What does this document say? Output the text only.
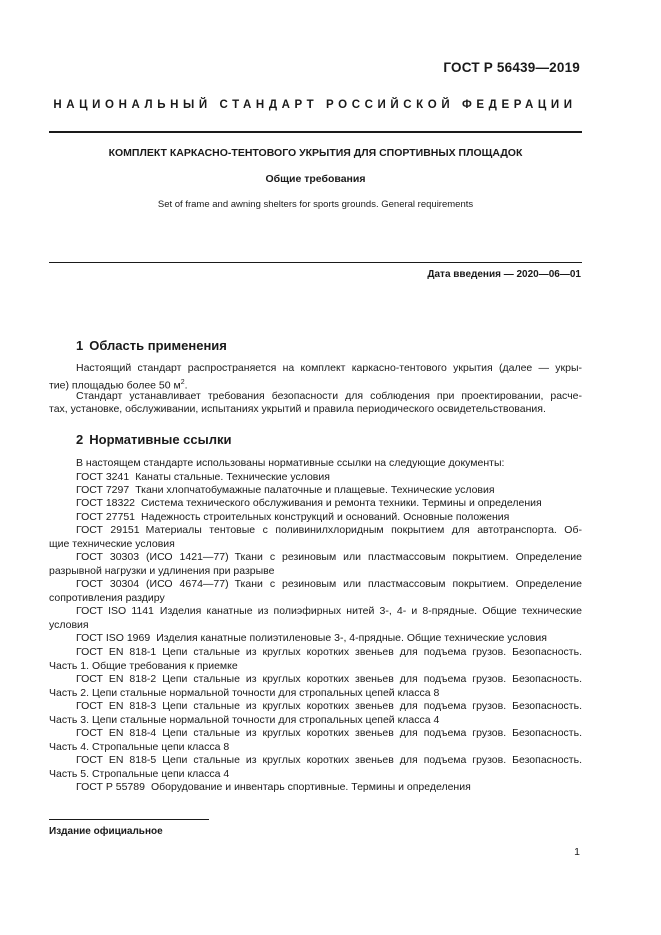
ГОСТ Р 56439—2019
НАЦИОНАЛЬНЫЙ СТАНДАРТ РОССИЙСКОЙ ФЕДЕРАЦИИ
КОМПЛЕКТ КАРКАСНО-ТЕНТОВОГО УКРЫТИЯ ДЛЯ СПОРТИВНЫХ ПЛОЩАДОК
Общие требования
Set of frame and awning shelters for sports grounds. General requirements
Дата введения — 2020—06—01
1 Область применения
Настоящий стандарт распространяется на комплект каркасно-тентового укрытия (далее — укры-
тие) площадью более 50 $м^2$.
Стандарт устанавливает требования безопасности для соблюдения при проектировании, расче-
тах, установке, обслуживании, испытаниях укрытий и правила периодического освидетельствования.
2 Нормативные ссылки
В настоящем стандарте использованы нормативные ссылки на следующие документы:
ГОСТ 3241 Канаты стальные. Технические условия
ГОСТ 7297 Ткани хлопчатобумажные палаточные и плащевые. Технические условия
ГОСТ 18322 Система технического обслуживания и ремонта техники. Термины и определения
ГОСТ 27751 Надежность строительных конструкций и оснований. Основные положения
ГОСТ 29151 Материалы тентовые с поливинилхлоридным покрытием для автотранспорта. Об-
щие технические условия
ГОСТ 30303 (ИСО 1421—77) Ткани с резиновым или пластмассовым покрытием. Определение
разрывной нагрузки и удлинения при разрыве
ГОСТ 30304 (ИСО 4674—77) Ткани с резиновым или пластмассовым покрытием. Определение
сопротивления раздиру
ГОСТ ISO 1141 Изделия канатные из полиэфирных нитей 3-, 4- и 8-прядные. Общие технические
условия
ГОСТ ISO 1969 Изделия канатные полиэтиленовые 3-, 4-прядные. Общие технические условия
ГОСТ EN 818-1 Цепи стальные из круглых коротких звеньев для подъема грузов. Безопасность.
Часть 1. Общие требования к приемке
ГОСТ EN 818-2 Цепи стальные из круглых коротких звеньев для подъема грузов. Безопасность.
Часть 2. Цепи стальные нормальной точности для стропальных цепей класса 8
ГОСТ EN 818-3 Цепи стальные из круглых коротких звеньев для подъема грузов. Безопасность.
Часть 3. Цепи стальные нормальной точности для стропальных цепей класса 4
ГОСТ EN 818-4 Цепи стальные из круглых коротких звеньев для подъема грузов. Безопасность.
Часть 4. Стропальные цепи класса 8
ГОСТ EN 818-5 Цепи стальные из круглых коротких звеньев для подъема грузов. Безопасность.
Часть 5. Стропальные цепи класса 4
ГОСТ Р 55789 Оборудование и инвентарь спортивные. Термины и определения
Издание официальное
1
